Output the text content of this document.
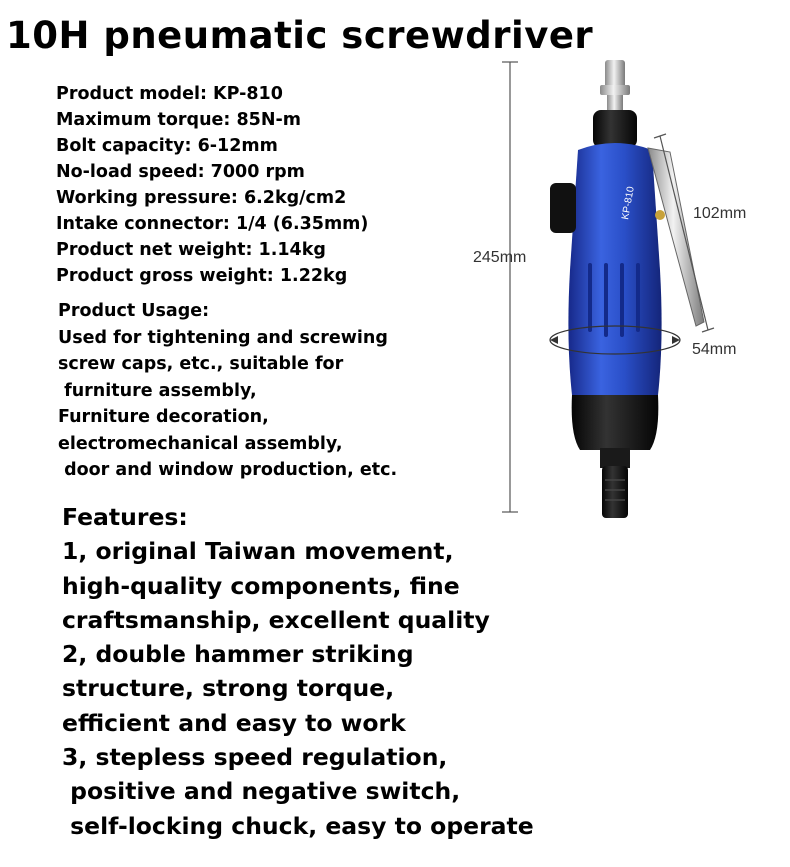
10H pneumatic screwdriver
Product model: KP-810
Maximum torque: 85N-m
Bolt capacity: 6-12mm
No-load speed: 7000 rpm
Working pressure: 6.2kg/cm2
Intake connector: 1/4 (6.35mm)
Product net weight: 1.14kg
Product gross weight: 1.22kg
Product Usage:
Used for tightening and screwing
screw caps, etc., suitable for
furniture assembly,
Furniture decoration,
electromechanical assembly,
door and window production, etc.
Features:
1, original Taiwan movement,
high-quality components, fine
craftsmanship, excellent quality
2, double hammer striking
structure, strong torque,
efficient and easy to work
3, stepless speed regulation,
positive and negative switch,
self-locking chuck, easy to operate
KP-810
245mm
102mm
54mm
